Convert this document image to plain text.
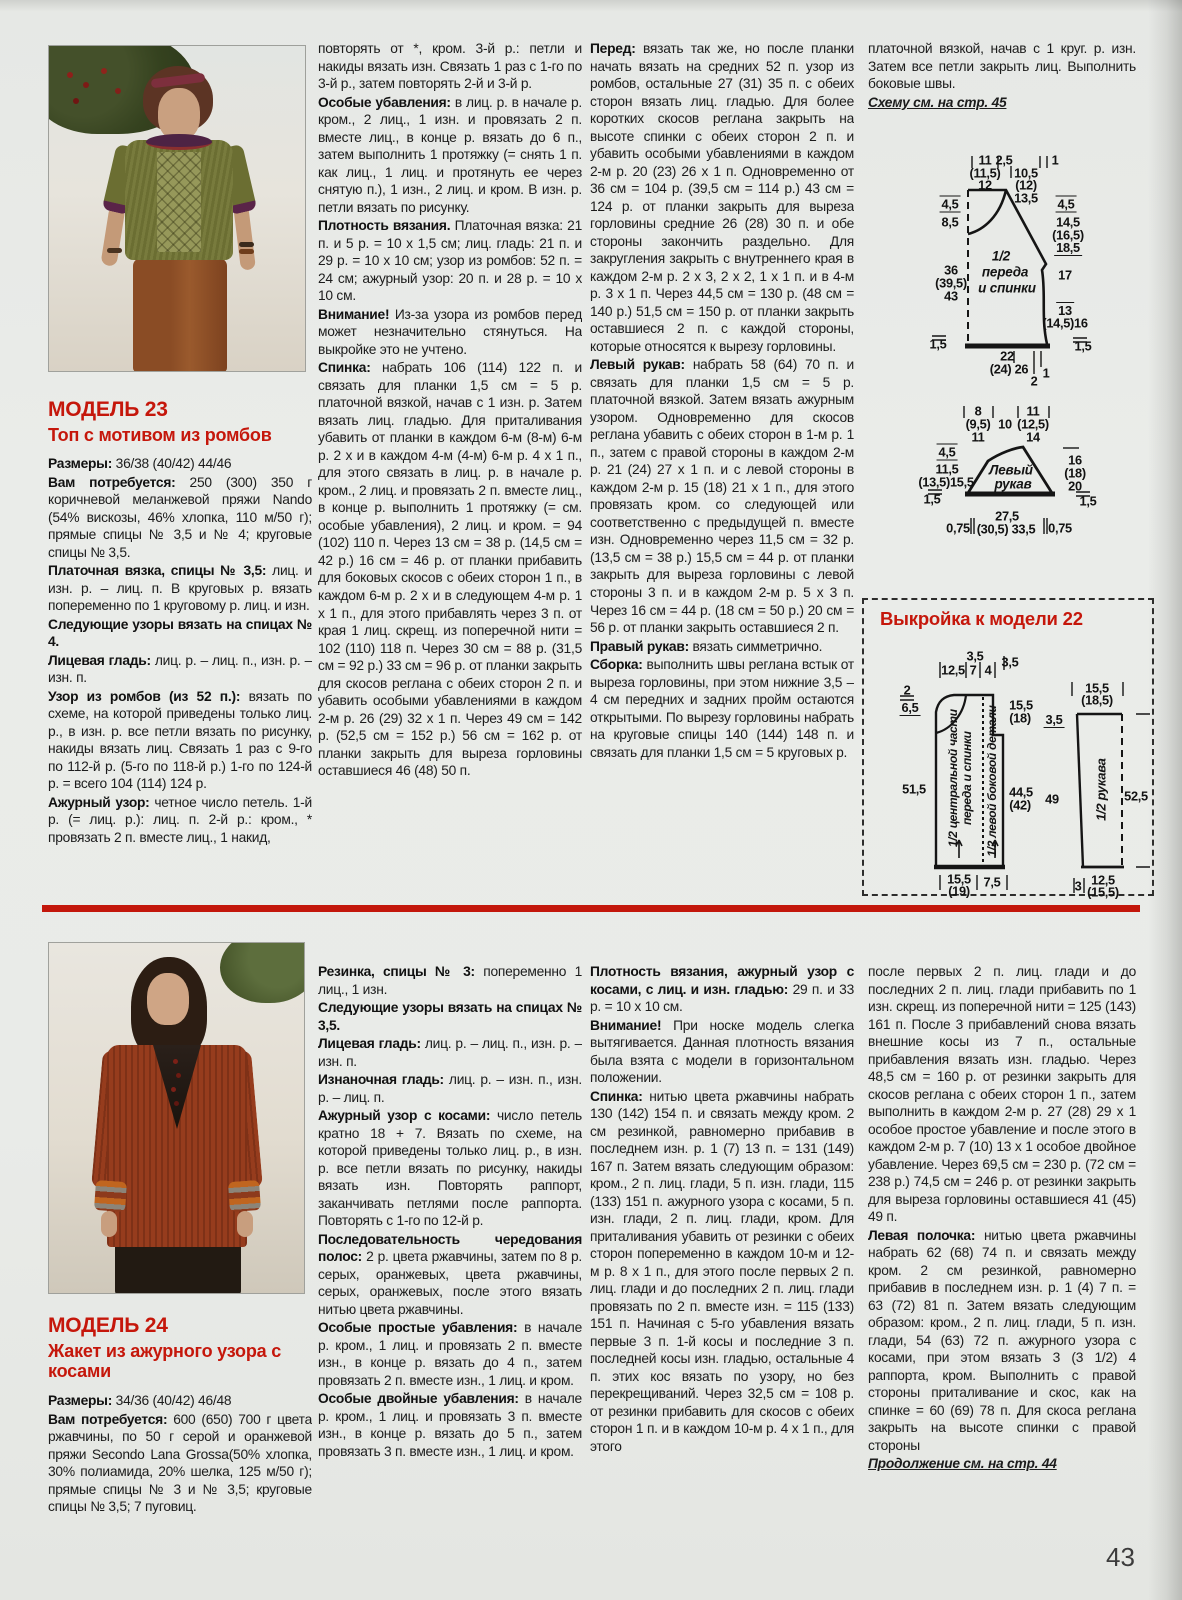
МОДЕЛЬ 23
Топ с мотивом из ромбов

Размеры: 36/38 (40/42) 44/46

Вам потребуется: 250 (300) 350 г коричневой меланжевой пряжи Nando (54% вискозы, 46% хлопка, 110 м/50 г); прямые спицы № 3,5 и № 4; круговые спицы № 3,5.

Платочная вязка, спицы № 3,5: лиц. и изн. р. – лиц. п. В круговых р. вязать попеременно по 1 круговому р. лиц. и изн.

Следующие узоры вязать на спицах № 4.

Лицевая гладь: лиц. р. – лиц. п., изн. р. – изн. п.

Узор из ромбов (из 52 п.): вязать по схеме, на которой приведены только лиц. р., в изн. р. все петли вязать по рисунку, накиды вязать лиц. Связать 1 раз с 9-го по 112-й р. (5-го по 118-й р.) 1-го по 124-й р. = всего 104 (114) 124 р.

Ажурный узор: четное число петель. 1-й р. (= лиц. р.): лиц. п. 2-й р.: кром., * провязать 2 п. вместе лиц., 1 накид,

повторять от *, кром. 3-й р.: петли и накиды вязать изн. Связать 1 раз с 1-го по 3-й р., затем повторять 2-й и 3-й р.

Особые убавления: в лиц. р. в начале р. кром., 2 лиц., 1 изн. и провязать 2 п. вместе лиц., в конце р. вязать до 6 п., затем выполнить 1 протяжку (= снять 1 п. как лиц., 1 лиц. и протянуть ее через снятую п.), 1 изн., 2 лиц. и кром. В изн. р. петли вязать по рисунку.

Плотность вязания. Платочная вязка: 21 п. и 5 р. = 10 х 1,5 см; лиц. гладь: 21 п. и 29 р. = 10 х 10 см; узор из ромбов: 52 п. = 24 см; ажурный узор: 20 п. и 28 р. = 10 х 10 см.

Внимание! Из-за узора из ромбов перед может незначительно стянуться. На выкройке это не учтено.

Спинка: набрать 106 (114) 122 п. и связать для планки 1,5 см = 5 р. платочной вязкой, начав с 1 изн. р. Затем вязать лиц. гладью. Для приталивания убавить от планки в каждом 6-м (8-м) 6-м р. 2 х и в каждом 4-м (4-м) 6-м р. 4 х 1 п., для этого связать в лиц. р. в начале р. кром., 2 лиц. и провязать 2 п. вместе лиц., в конце р. выполнить 1 протяжку (= см. особые убавления), 2 лиц. и кром. = 94 (102) 110 п. Через 13 см = 38 р. (14,5 см = 42 р.) 16 см = 46 р. от планки прибавить для боковых скосов с обеих сторон 1 п., в каждом 6-м р. 2 х и в следующем 4-м р. 1 х 1 п., для этого прибавлять через 3 п. от края 1 лиц. скрещ. из поперечной нити = 102 (110) 118 п. Через 30 см = 88 р. (31,5 см = 92 р.) 33 см = 96 р. от планки закрыть для скосов реглана с обеих сторон 2 п. и убавить особыми убавлениями в каждом 2-м р. 26 (29) 32 х 1 п. Через 49 см = 142 р. (52,5 см = 152 р.) 56 см = 162 р. от планки закрыть для выреза горловины оставшиеся 46 (48) 50 п.

Перед: вязать так же, но после планки начать вязать на средних 52 п. узор из ромбов, остальные 27 (31) 35 п. с обеих сторон вязать лиц. гладью. Для более коротких скосов реглана закрыть на высоте спинки с обеих сторон 2 п. и убавить особыми убавлениями в каждом 2-м р. 20 (23) 26 х 1 п. Одновременно от 36 см = 104 р. (39,5 см = 114 р.) 43 см = 124 р. от планки закрыть для выреза горловины средние 26 (28) 30 п. и обе стороны закончить раздельно. Для закругления закрыть с внутреннего края в каждом 2-м р. 2 х 3, 2 х 2, 1 х 1 п. и в 4-м р. 3 х 1 п. Через 44,5 см = 130 р. (48 см = 140 р.) 51,5 см = 150 р. от планки закрыть оставшиеся 2 п. с каждой стороны, которые относятся к вырезу горловины.

Левый рукав: набрать 58 (64) 70 п. и связать для планки 1,5 см = 5 р. платочной вязкой. Затем вязать ажурным узором. Одновременно для скосов реглана убавить с обеих сторон в 1-м р. 1 п., затем с правой стороны в каждом 2-м р. 21 (24) 27 х 1 п. и с левой стороны в каждом 2-м р. 15 (18) 21 х 1 п., для этого провязать кром. со следующей или соответственно с предыдущей п. вместе изн. Одновременно через 11,5 см = 32 р. (13,5 см = 38 р.) 15,5 см = 44 р. от планки закрыть для выреза горловины с левой стороны 3 п. и в каждом 2-м р. 5 х 3 п. Через 16 см = 44 р. (18 см = 50 р.) 20 см = 56 р. от планки закрыть оставшиеся 2 п.

Правый рукав: вязать симметрично.

Сборка: выполнить швы реглана встык от выреза горловины, при этом нижние 3,5 – 4 см передних и задних пройм остаются открытыми. По вырезу горловины набрать на круговые спицы 140 (144) 148 п. и связать для планки 1,5 см = 5 круговых р.

платочной вязкой, начав с 1 круг. р. изн. Затем все петли закрыть лиц. Выполнить боковые швы.

Схему см. на стр. 45

11
(11,5)
12
2,5
10,5
(12)
13,5
1
4,5
8,5
36
(39,5)
43
1,5
4,5
14,5
(16,5)
18,5
17
13
(14,5)16
1,5
22
(24) 26
2
1
1/2
переда
и спинки
8
(9,5)
11
10
11
(12,5)
14
4,5
11,5
(13,5)15,5
1,5
16
(18)
20
1,5
0,75
27,5
(30,5) 33,5 0,75
Левый
рукав
Выкройка к модели 22
3,5
12,5 7 4
3,5
2
6,5
51,5
15,5
(18) 3,5
44,5
(42) 49
15,5
(19)
7,5
1/2 центральной части переда и спинки 1/2 левой боковой детали
15,5
(18,5)
52,5
3 12,5
(15,5)
1/2 рукава
МОДЕЛЬ 24
Жакет из ажурного узора с косами

Размеры: 34/36 (40/42) 46/48

Вам потребуется: 600 (650) 700 г цвета ржавчины, по 50 г серой и оранжевой пряжи Secondo Lana Grossa(50% хлопка, 30% полиамида, 20% шелка, 125 м/50 г); прямые спицы № 3 и № 3,5; круговые спицы № 3,5; 7 пуговиц.

Резинка, спицы № 3: попеременно 1 лиц., 1 изн.

Следующие узоры вязать на спицах № 3,5.

Лицевая гладь: лиц. р. – лиц. п., изн. р. – изн. п.

Изнаночная гладь: лиц. р. – изн. п., изн. р. – лиц. п.

Ажурный узор с косами: число петель кратно 18 + 7. Вязать по схеме, на которой приведены только лиц. р., в изн. р. все петли вязать по рисунку, накиды вязать изн. Повторять раппорт, заканчивать петлями после раппорта. Повторять с 1-го по 12-й р.

Последовательность чередования полос: 2 р. цвета ржавчины, затем по 8 р. серых, оранжевых, цвета ржавчины, серых, оранжевых, после этого вязать нитью цвета ржавчины.

Особые простые убавления: в начале р. кром., 1 лиц. и провязать 2 п. вместе изн., в конце р. вязать до 4 п., затем провязать 2 п. вместе изн., 1 лиц. и кром.

Особые двойные убавления: в начале р. кром., 1 лиц. и провязать 3 п. вместе изн., в конце р. вязать до 5 п., затем провязать 3 п. вместе изн., 1 лиц. и кром.

Плотность вязания, ажурный узор с косами, с лиц. и изн. гладью: 29 п. и 33 р. = 10 х 10 см.

Внимание! При носке модель слегка вытягивается. Данная плотность вязания была взята с модели в горизонтальном положении.

Спинка: нитью цвета ржавчины набрать 130 (142) 154 п. и связать между кром. 2 см резинкой, равномерно прибавив в последнем изн. р. 1 (7) 13 п. = 131 (149) 167 п. Затем вязать следующим образом: кром., 2 п. лиц. глади, 5 п. изн. глади, 115 (133) 151 п. ажурного узора с косами, 5 п. изн. глади, 2 п. лиц. глади, кром. Для приталивания убавить от резинки с обеих сторон попеременно в каждом 10-м и 12-м р. 8 х 1 п., для этого после первых 2 п. лиц. глади и до последних 2 п. лиц. глади провязать по 2 п. вместе изн. = 115 (133) 151 п. Начиная с 5-го убавления вязать первые 3 п. 1-й косы и последние 3 п. последней косы изн. гладью, остальные 4 п. этих кос вязать по узору, но без перекрещиваний. Через 32,5 см = 108 р. от резинки прибавить для скосов с обеих сторон 1 п. и в каждом 10-м р. 4 х 1 п., для этого

после первых 2 п. лиц. глади и до последних 2 п. лиц. глади прибавить по 1 изн. скрещ. из поперечной нити = 125 (143) 161 п. После 3 прибавлений снова вязать внешние косы из 7 п., остальные прибавления вязать изн. гладью. Через 48,5 см = 160 р. от резинки закрыть для скосов реглана с обеих сторон 1 п., затем выполнить в каждом 2-м р. 27 (28) 29 х 1 особое простое убавление и после этого в каждом 2-м р. 7 (10) 13 х 1 особое двойное убавление. Через 69,5 см = 230 р. (72 см = 238 р.) 74,5 см = 246 р. от резинки закрыть для выреза горловины оставшиеся 41 (45) 49 п.

Левая полочка: нитью цвета ржавчины набрать 62 (68) 74 п. и связать между кром. 2 см резинкой, равномерно прибавив в последнем изн. р. 1 (4) 7 п. = 63 (72) 81 п. Затем вязать следующим образом: кром., 2 п. лиц. глади, 5 п. изн. глади, 54 (63) 72 п. ажурного узора с косами, при этом вязать 3 (3 1/2) 4 раппорта, кром. Выполнить с правой стороны приталивание и скос, как на спинке = 60 (69) 78 п. Для скоса реглана закрыть на высоте спинки с правой стороны

Продолжение см. на стр. 44

43
